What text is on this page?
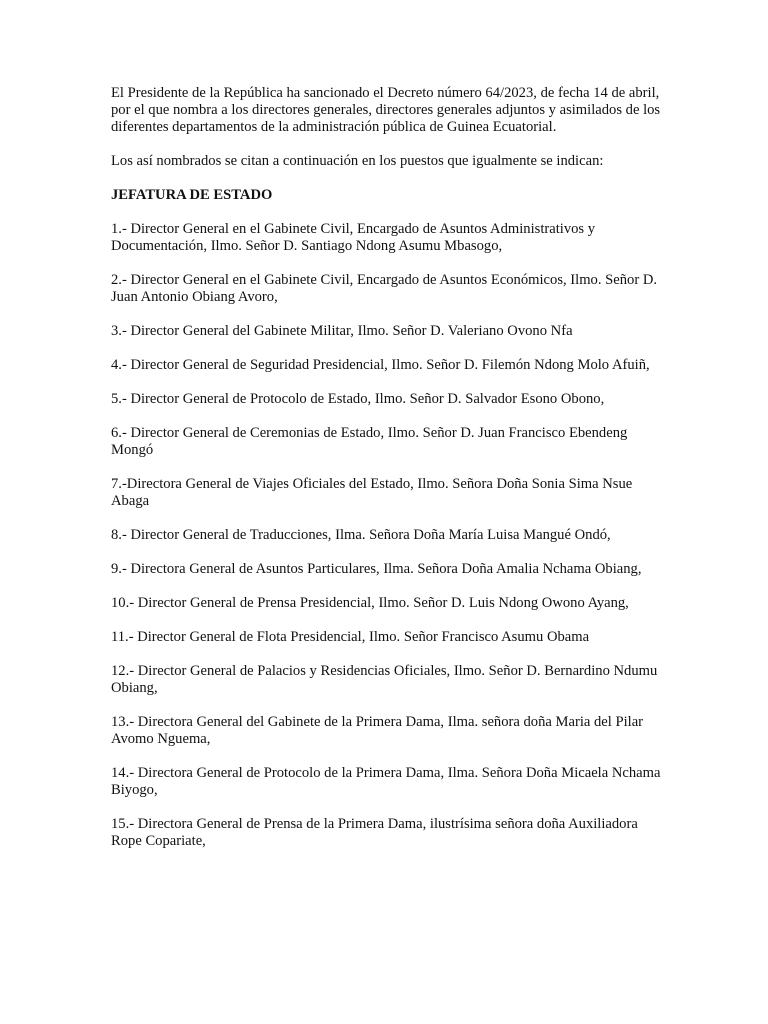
El Presidente de la República ha sancionado el Decreto número 64/2023, de fecha 14 de abril, por el que nombra a los directores generales, directores generales adjuntos y asimilados de los diferentes departamentos de la administración pública de Guinea Ecuatorial.

Los así nombrados se citan a continuación en los puestos que igualmente se indican:

JEFATURA DE ESTADO

1.- Director General en el Gabinete Civil, Encargado de Asuntos Administrativos y Documentación, Ilmo. Señor D. Santiago Ndong Asumu Mbasogo,

2.- Director General en el Gabinete Civil, Encargado de Asuntos Económicos, Ilmo. Señor D. Juan Antonio Obiang Avoro,

3.- Director General del Gabinete Militar, Ilmo. Señor D. Valeriano Ovono Nfa

4.- Director General de Seguridad Presidencial, Ilmo. Señor D. Filemón Ndong Molo Afuiñ,

5.- Director General de Protocolo de Estado, Ilmo. Señor D. Salvador Esono Obono,

6.- Director General de Ceremonias de Estado, Ilmo. Señor D. Juan Francisco Ebendeng Mongó

7.-Directora General de Viajes Oficiales del Estado, Ilmo. Señora Doña Sonia Sima Nsue Abaga

8.- Director General de Traducciones, Ilma. Señora Doña María Luisa Mangué Ondó,

9.- Directora General de Asuntos Particulares, Ilma. Señora Doña Amalia Nchama Obiang,

10.- Director General de Prensa Presidencial, Ilmo. Señor D. Luis Ndong Owono Ayang,

11.- Director General de Flota Presidencial, Ilmo. Señor Francisco Asumu Obama

12.- Director General de Palacios y Residencias Oficiales, Ilmo. Señor D. Bernardino Ndumu Obiang,

13.- Directora General del Gabinete de la Primera Dama, Ilma. señora doña Maria del Pilar Avomo Nguema,

14.- Directora General de Protocolo de la Primera Dama, Ilma. Señora Doña Micaela Nchama Biyogo,

15.- Directora General de Prensa de la Primera Dama, ilustrísima señora doña Auxiliadora Rope Copariate,
